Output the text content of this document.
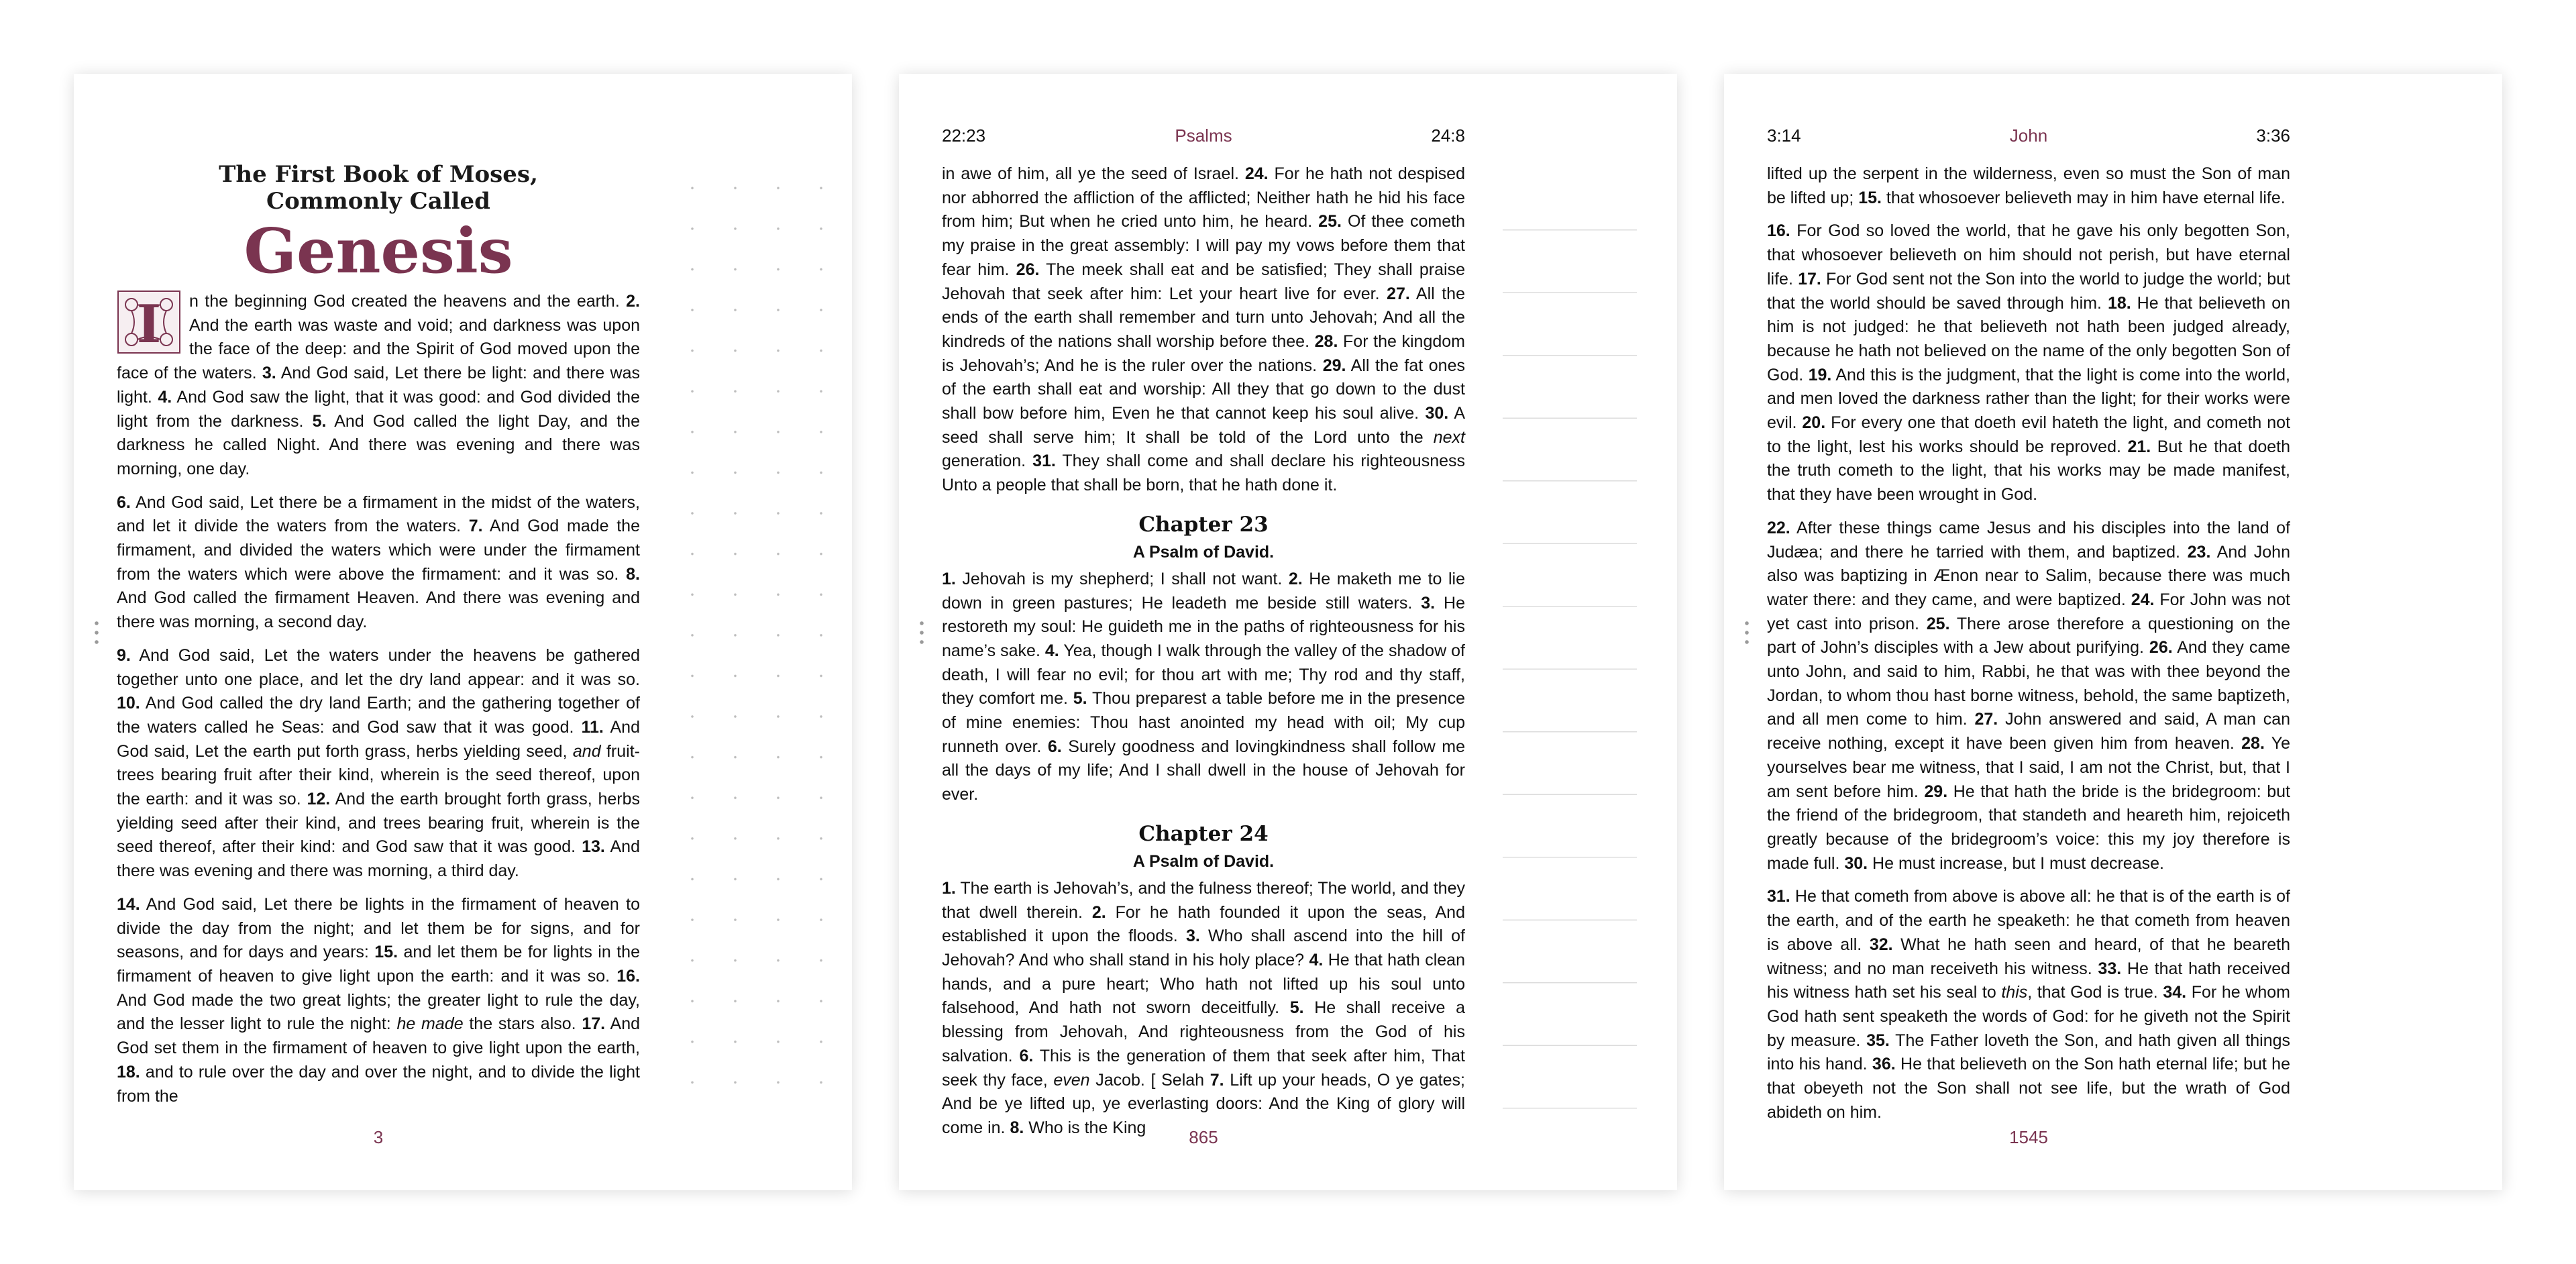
The First Book of Moses,
Commonly Called
Genesis

I n the beginning God created the heavens and the earth. 2. And the earth was waste and void; and darkness was upon the face of the deep: and the Spirit of God moved upon the face of the waters. 3. And God said, Let there be light: and there was light. 4. And God saw the light, that it was good: and God divided the light from the darkness. 5. And God called the light Day, and the darkness he called Night. And there was evening and there was morning, one day.

6. And God said, Let there be a firmament in the midst of the waters, and let it divide the waters from the waters. 7. And God made the firmament, and divided the waters which were under the firmament from the waters which were above the firmament: and it was so. 8. And God called the firmament Heaven. And there was evening and there was morning, a second day.

9. And God said, Let the waters under the heavens be gathered together unto one place, and let the dry land appear: and it was so. 10. And God called the dry land Earth; and the gathering together of the waters called he Seas: and God saw that it was good. 11. And God said, Let the earth put forth grass, herbs yielding seed, and fruit-trees bearing fruit after their kind, wherein is the seed thereof, upon the earth: and it was so. 12. And the earth brought forth grass, herbs yielding seed after their kind, and trees bearing fruit, wherein is the seed thereof, after their kind: and God saw that it was good. 13. And there was evening and there was morning, a third day.

14. And God said, Let there be lights in the firmament of heaven to divide the day from the night; and let them be for signs, and for seasons, and for days and years: 15. and let them be for lights in the firmament of heaven to give light upon the earth: and it was so. 16. And God made the two great lights; the greater light to rule the day, and the lesser light to rule the night: he made the stars also. 17. And God set them in the firmament of heaven to give light upon the earth, 18. and to rule over the day and over the night, and to divide the light from the

3
22:23	Psalms	24:8

in awe of him, all ye the seed of Israel. 24. For he hath not despised nor abhorred the affliction of the afflicted; Neither hath he hid his face from him; But when he cried unto him, he heard. 25. Of thee cometh my praise in the great assembly: I will pay my vows before them that fear him. 26. The meek shall eat and be satisfied; They shall praise Jehovah that seek after him: Let your heart live for ever. 27. All the ends of the earth shall remember and turn unto Jehovah; And all the kindreds of the nations shall worship before thee. 28. For the kingdom is Jehovah’s; And he is the ruler over the nations. 29. All the fat ones of the earth shall eat and worship: All they that go down to the dust shall bow before him, Even he that cannot keep his soul alive. 30. A seed shall serve him; It shall be told of the Lord unto the next generation. 31. They shall come and shall declare his righteousness Unto a people that shall be born, that he hath done it.

Chapter 23
A Psalm of David.

1. Jehovah is my shepherd; I shall not want. 2. He maketh me to lie down in green pastures; He leadeth me beside still waters. 3. He restoreth my soul: He guideth me in the paths of righteousness for his name’s sake. 4. Yea, though I walk through the valley of the shadow of death, I will fear no evil; for thou art with me; Thy rod and thy staff, they comfort me. 5. Thou preparest a table before me in the presence of mine enemies: Thou hast anointed my head with oil; My cup runneth over. 6. Surely goodness and lovingkindness shall follow me all the days of my life; And I shall dwell in the house of Jehovah for ever.

Chapter 24
A Psalm of David.

1. The earth is Jehovah’s, and the fulness thereof; The world, and they that dwell therein. 2. For he hath founded it upon the seas, And established it upon the floods. 3. Who shall ascend into the hill of Jehovah? And who shall stand in his holy place? 4. He that hath clean hands, and a pure heart; Who hath not lifted up his soul unto falsehood, And hath not sworn deceitfully. 5. He shall receive a blessing from Jehovah, And righteousness from the God of his salvation. 6. This is the generation of them that seek after him, That seek thy face, even Jacob. [ Selah 7. Lift up your heads, O ye gates; And be ye lifted up, ye everlasting doors: And the King of glory will come in. 8. Who is the King	865
3:14	John	3:36

lifted up the serpent in the wilderness, even so must the Son of man be lifted up; 15. that whosoever believeth may in him have eternal life.

16. For God so loved the world, that he gave his only begotten Son, that whosoever believeth on him should not perish, but have eternal life. 17. For God sent not the Son into the world to judge the world; but that the world should be saved through him. 18. He that believeth on him is not judged: he that believeth not hath been judged already, because he hath not believed on the name of the only begotten Son of God. 19. And this is the judgment, that the light is come into the world, and men loved the darkness rather than the light; for their works were evil. 20. For every one that doeth evil hateth the light, and cometh not to the light, lest his works should be reproved. 21. But he that doeth the truth cometh to the light, that his works may be made manifest, that they have been wrought in God.

22. After these things came Jesus and his disciples into the land of Judæa; and there he tarried with them, and baptized. 23. And John also was baptizing in Ænon near to Salim, because there was much water there: and they came, and were baptized. 24. For John was not yet cast into prison. 25. There arose therefore a questioning on the part of John’s disciples with a Jew about purifying. 26. And they came unto John, and said to him, Rabbi, he that was with thee beyond the Jordan, to whom thou hast borne witness, behold, the same baptizeth, and all men come to him. 27. John answered and said, A man can receive nothing, except it have been given him from heaven. 28. Ye yourselves bear me witness, that I said, I am not the Christ, but, that I am sent before him. 29. He that hath the bride is the bridegroom: but the friend of the bridegroom, that standeth and heareth him, rejoiceth greatly because of the bridegroom’s voice: this my joy therefore is made full. 30. He must increase, but I must decrease.

31. He that cometh from above is above all: he that is of the earth is of the earth, and of the earth he speaketh: he that cometh from heaven is above all. 32. What he hath seen and heard, of that he beareth witness; and no man receiveth his witness. 33. He that hath received his witness hath set his seal to this, that God is true. 34. For he whom God hath sent speaketh the words of God: for he giveth not the Spirit by measure. 35. The Father loveth the Son, and hath given all things into his hand. 36. He that believeth on the Son hath eternal life; but he that obeyeth not the Son shall not see life, but the wrath of God abideth on him.

1545
